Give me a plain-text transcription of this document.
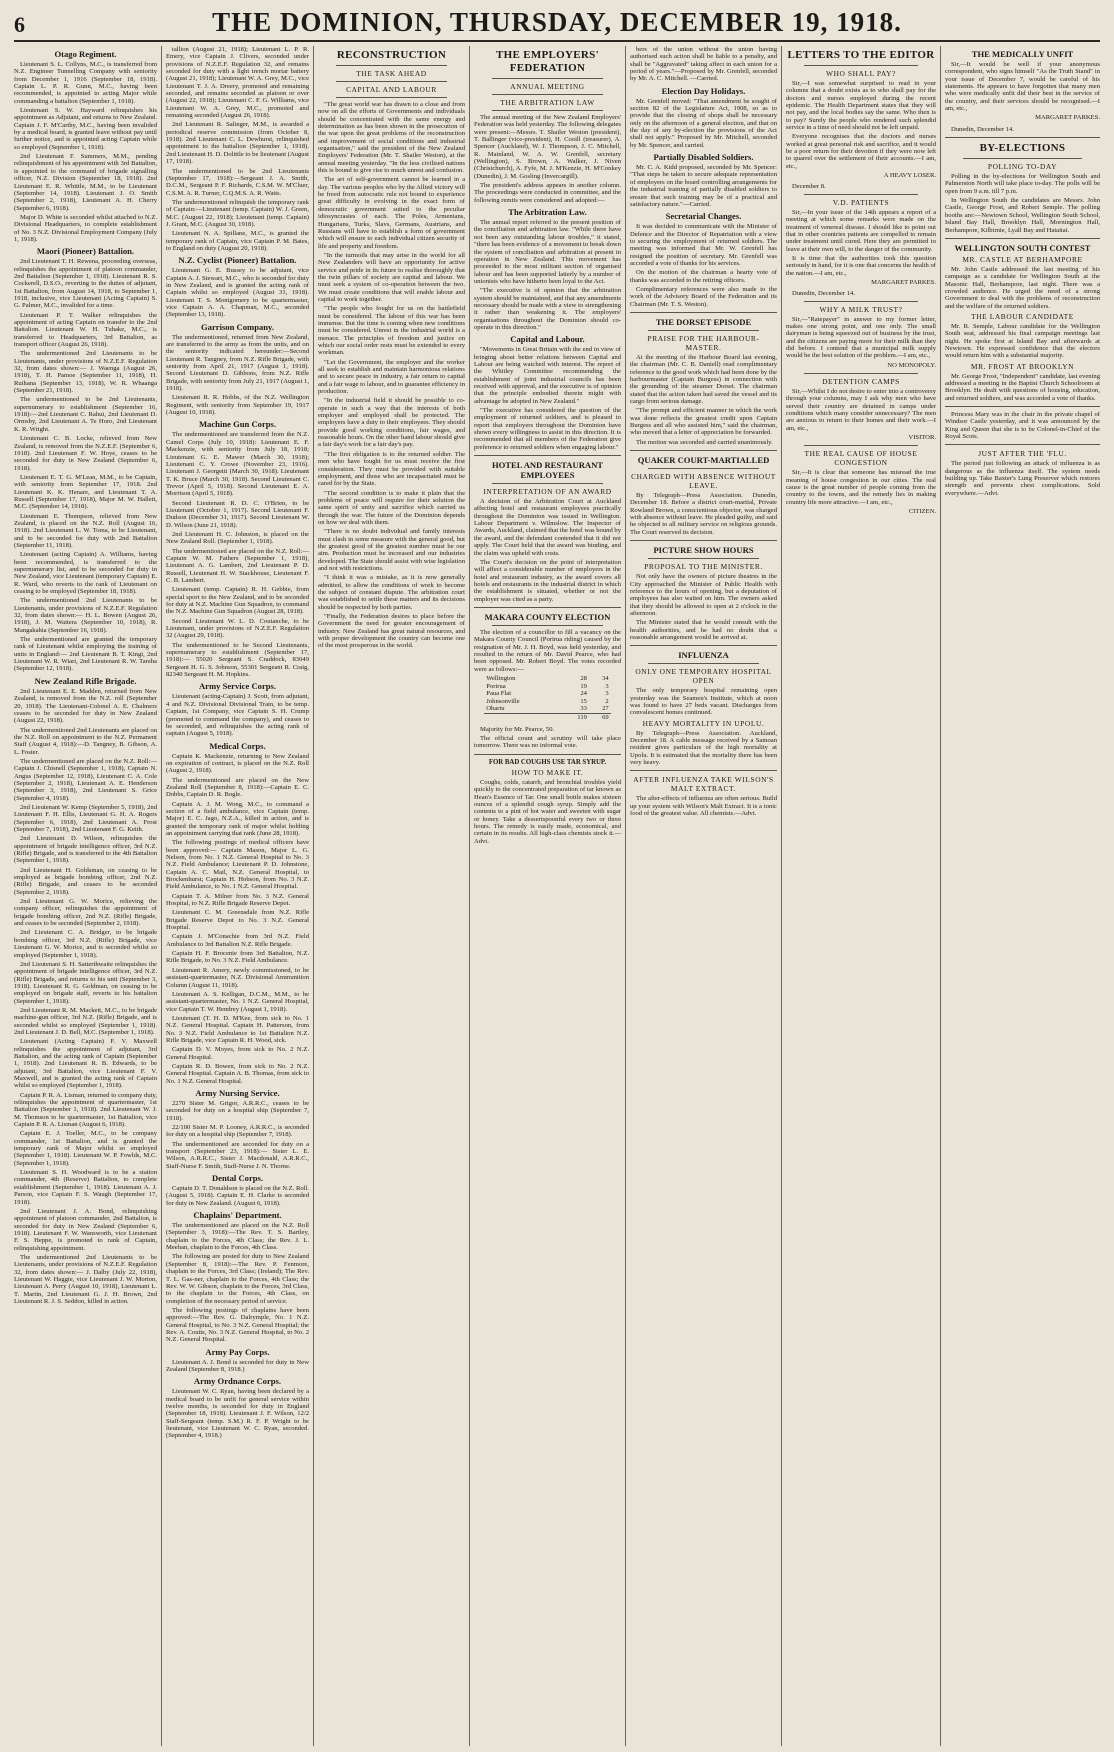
6	THE DOMINION, THURSDAY, DECEMBER 19, 1918.
Otago Regiment.

Lieutenant S. L. Collyns, M.C., is transferred from N.Z. Engineer Tunnelling Company with seniority from December 1, 1916 (September 18, 1918). Captain L. P. R. Gunn, M.C., having been recommended, is appointed to acting Major while commanding a battalion (September 1, 1918).

Lieutenant S. W. Hayward relinquishes his appointment as Adjutant, and returns to New Zealand. Captain J. F. M'Carthy, M.C., having been invalided by a medical board, is granted leave without pay until further notice, and is appointed acting Captain while so employed (September 1, 1918).

2nd Lieutenant F. Summers, M.M., pending relinquishment of his appointment with 3rd Battalion, is appointed to the command of brigade signalling officer, N.Z. Division (September 18, 1918). 2nd Lieutenant E. R. Whittle, M.M., to be Lieutenant (September 14, 1918). Lieutenant J. O. Smith (September 2, 1918), Lieutenant A. H. Cherry (September 6, 1918).

Major D. White is seconded whilst attached to N.Z. Divisional Headquarters, to complete establishment of No. 3 N.Z. Divisional Employment Company (July 1, 1918).

Maori (Pioneer) Battalion.

2nd Lieutenant T. H. Rewena, proceeding overseas, relinquishes the appointment of platoon commander, 2nd Battalion (September 1, 1918). Lieutenant R. S. Cockerell, D.S.O., reverting to the duties of adjutant, 1st Battalion, from August 14, 1918, to September 1, 1918, inclusive, vice Lieutenant (Acting Captain) S. G. Palmer, M.C., invalided for a time.

Lieutenant P. T. Walker relinquishes the appointment of acting Captain on transfer to the 2nd Battalion. Lieutenant W. H. Tuhake, M.C., is transferred to Headquarters, 3rd Battalion, as transport officer (August 26, 1918).

The undermentioned 2nd Lieutenants to be Lieutenants, under provisions of N.Z.E.F. Regulation 32, from dates shown:— J. Waenga (August 26, 1918), T. H. Pamoe (September 11, 1918), H. Ruihana (September 13, 1918), W. R. Whaanga (September 21, 1918).

The undermentioned to be 2nd Lieutenants, supernumerary to establishment (September 16, 1918):—2nd Lieutenant C. Rahui, 2nd Lieutenant D. Ormsby, 2nd Lieutenant A. Te Horo, 2nd Lieutenant K. R. Wright.

Lieutenant C. B. Locke, relieved from New Zealand, is removed from the N.Z.E.F. (September 6, 1918). 2nd Lieutenant F. W. Hoye, ceases to be seconded for duty in New Zealand (September 6, 1918).

Lieutenant E. T. G. M'Lean, M.M., to be Captain, with seniority from September 17, 1918. 2nd Lieutenant K. K. Henare, and Lieutenant T. A. Russell (September 17, 1918), Major M. W. Hallett, M.C. (September 14, 1918).

Lieutenant E. Thompson, relieved from New Zealand, is placed on the N.Z. Roll (August 16, 1918). 2nd Lieutenant L. W. Toma, to be Lieutenant, and to be seconded for duty with 2nd Battalion (September 11, 1918).

Lieutenant (acting Captain) A. Williams, having been recommended, is transferred to the supernumerary list, and to be seconded for duty in New Zealand, vice Lieutenant (temporary Captain) E. R. Ward, who reverts to the rank of Lieutenant on ceasing to be employed (September 18, 1918).

The undermentioned 2nd Lieutenants to be Lieutenants, under provisions of N.Z.E.F. Regulation 32, from dates shown:— H. L. Bowen (August 26, 1918), J. M. Waitera (September 10, 1918), R. Mangakahia (September 16, 1918).

The undermentioned are granted the temporary rank of Lieutenant whilst employing the training of units in England:— 2nd Lieutenant B. T. Kingi, 2nd Lieutenant W. R. Wiari, 2nd Lieutenant R. W. Tareha (September 12, 1918).

New Zealand Rifle Brigade.

2nd Lieutenant E. E. Madden, returned from New Zealand, is removed from the N.Z. roll (September 20, 1918). The Lieutenant-Colonel A. E. Chalmers ceases to be seconded for duty in New Zealand (August 22, 1918).

The undermentioned 2nd Lieutenants are placed on the N.Z. Roll on appointment to the N.Z. Permanent Staff (August 4, 1918):—D. Tangney, B. Gibson, A. L. Foster.

The undermentioned are placed on the N.Z. Roll:—Captain J. Chisnell (September 1, 1918), Captain N. Angus (September 12, 1918), Lieutenant C. A. Cole (September 2, 1918), Lieutenant A. E. Henderson (September 3, 1918), 2nd Lieutenant S. Grice (September 4, 1918).

2nd Lieutenant W. Kemp (September 5, 1918), 2nd Lieutenant F. H. Ellis, Lieutenant G. H. A. Rogers (September 6, 1918), 2nd Lieutenant A. Frost (September 7, 1918), 2nd Lieutenant F. G. Keith.

2nd Lieutenant D. Wilson, relinquishes the appointment of brigade intelligence officer, 3rd N.Z. (Rifle) Brigade, and is transferred to the 4th Battalion (September 1, 1918).

2nd Lieutenant H. Goldsman, on ceasing to be employed as brigade bombing officer, 2nd N.Z. (Rifle) Brigade, and ceases to be seconded (September 2, 1918).

2nd Lieutenant G. W. Morice, relieving the company officer, relinquishes the appointment of brigade bombing officer, 2nd N.Z. (Rifle) Brigade, and ceases to be seconded (September 2, 1918).

2nd Lieutenant C. A. Bridger, to be brigade bombing officer, 3rd N.Z. (Rifle) Brigade, vice Lieutenant G. W. Morice, and is seconded whilst so employed (September 1, 1918).

2nd Lieutenant S. H. Satterthwaite relinquishes the appointment of brigade intelligence officer, 3rd N.Z. (Rifle) Brigade, and returns to his unit (September 3, 1918). Lieutenant R. G. Goldman, on ceasing to be employed on brigade staff, reverts to his battalion (September 1, 1918).

2nd Lieutenant R. M. Mackett, M.C., to be brigade machine-gun officer, 3rd N.Z. (Rifle) Brigade, and is seconded whilst so employed (September 1, 1918). 2nd Lieutenant J. D. Bell, M.C. (September 1, 1918).

Lieutenant (Acting Captain) F. V. Maxwell relinquishes the appointment of adjutant, 3rd Battalion, and the acting rank of Captain (September 1, 1918). 2nd Lieutenant R. B. Edwards, to be adjutant, 3rd Battalion, vice Lieutenant F. V. Maxwell, and is granted the acting rank of Captain whilst so employed (September 1, 1918).

Captain P. R. A. Lisman, returned to company duty, relinquishes the appointment of quartermaster, 1st Battalion (September 1, 1918). 2nd Lieutenant W. J. M. Thomson to be quartermaster, 1st Battalion, vice Captain P. R. A. Lisman (August 6, 1918).

Captain E. J. Toeller, M.C., to be company commander, 1st Battalion, and is granted the temporary rank of Major whilst so employed (September 1, 1918). Lieutenant W. P. Fowlds, M.C. (September 1, 1918).

Lieutenant S. H. Woodward is to be a station commander, 4th (Reserve) Battalion, to complete establishment (September 1, 1918). Lieutenant A. J. Parson, vice Captain F. S. Waugh (September 17, 1918).

2nd Lieutenant J. A. Bond, relinquishing appointment of platoon commander, 2nd Battalion, is seconded for duty in New Zealand (September 6, 1918). Lieutenant F. W. Wansworth, vice Lieutenant F. S. Heppe, is promoted to rank of Captain, relinquishing appointment.

The undermentioned 2nd Lieutenants to be Lieutenants, under provisions of N.Z.E.F. Regulation 32, from dates shown:— J. Dalby (July 22, 1918), Lieutenant W. Haggie, vice Lieutenant J. W. Morton, Lieutenant A. Perry (August 10, 1918), Lieutenant L. T. Martin, 2nd Lieutenant G. J. H. Brown, 2nd Lieutenant R. J. S. Seddon, killed in action.

tallion (August 21, 1918); Lieutenant L. P. R. Emery, vice Captain J. Clivers, seconded under provisions of N.Z.E.F. Regulation 32, and remains seconded for duty with a light trench mortar battery (August 21, 1918); Lieutenant W. A. Grey, M.C., vice Lieutenant T. J. A. Dreery, promoted and remaining seconded, and remains seconded as platoon or over (August 22, 1918); Lieutenant C. F. G. Williams, vice Lieutenant W. A. Grey, M.C., promoted and remaining seconded (August 26, 1918).

2nd Lieutenant R. Salinger, M.M., is awarded a periodical reserve commission (from October 8, 1918). 2nd Lieutenant C. L. Dewhurst, relinquished appointment to the battalion (September 1, 1918). 2nd Lieutenant H. D. Dolittle to be lieutenant (August 17, 1918).

The undermentioned to be 2nd Lieutenants (September 17, 1918):—Sergeant J. A. Smith, D.C.M., Sergeant P. F. Richards, C.S.M. W. M'Cluer, C.S.M. A. R. Turner, C.Q.M.S. A. R. Watts.

The undermentioned relinquish the temporary rank of Captain:—Lieutenant (temp. Captain) W. J. Green, M.C. (August 22, 1918); Lieutenant (temp. Captain) J. Grant, M.C. (August 30, 1918).

Lieutenant N. A. Spillane, M.C., is granted the temporary rank of Captain, vice Captain P. M. Bates, to England on duty (August 20, 1918).

N.Z. Cyclist (Pioneer) Battalion.

Lieutenant G. E. Bussey to be adjutant, vice Captain A. J. Stewart, M.C., who is seconded for duty in New Zealand, and is granted the acting rank of Captain whilst so employed (August 31, 1918). Lieutenant T. S. Montgomery to be quartermaster, vice Captain A. A. Chapman, M.C., seconded (September 13, 1918).

Garrison Company.

The undermentioned, returned from New Zealand, are transferred to the army as from the units, and on the seniority indicated hereunder:—Second Lieutenant R. Tangney, from N.Z. Rifle Brigade, with seniority from April 21, 1917 (August 1, 1918). Second Lieutenant D. Gibbons, from N.Z. Rifle Brigade, with seniority from July 21, 1917 (August 1, 1918).

Lieutenant R. R. Hobbs, of the N.Z. Wellington Regiment, with seniority from September 19, 1917 (August 10, 1918).

Machine Gun Corps.

The undermentioned are transferred from the N.Z. Camel Corps (July 10, 1918): Lieutenant E. F. Mackenzie, with seniority from July 18, 1918; Lieutenant G. E. Mawer (March 30, 1918); Lieutenant C. Y. Crowe (November 23, 1916). Lieutenant J. Georgetti (March 30, 1918). Lieutenant T. K. Bruce (March 30, 1918). Second Lieutenant C. Trevor (April 5, 1918). Second Lieutenant E. A. Morrison (April 5, 1918).

Second Lieutenant R. D. C. O'Brien, to be Lieutenant (October 1, 1917). Second Lieutenant F. Dudson (December 31, 1917). Second Lieutenant W. D. Wilson (June 21, 1918).

2nd Lieutenant H. C. Johnston, is placed on the New Zealand Roll. (September 1, 1918).

The undermentioned are placed on the N.Z. Roll:—Captain W. M. Fathers (September 1, 1918), Lieutenant A. G. Lambert, 2nd Lieutenant P. D. Russell, Lieutenant H. W. Stackhouse, Lieutenant F. C. B. Lambert.

Lieutenant (temp. Captain) R. H. Gebbie, from special sport to the New Zealand, and to be seconded for duty at N.Z. Machine Gun Squadron, to command the N.Z. Machine Gun Squadron (August 28, 1918).

Second Lieutenant W. L. D. Coutanche, to be Lieutenant, under provisions of N.Z.E.F. Regulation 32 (August 29, 1918).

The undermentioned to be Second Lieutenants, supernumerary to establishment (September 17, 1918):— 55020 Sergeant S. Craddock, 83049 Sergeant H. G. S. Johnson, 55301 Sergeant R. Craig, 82340 Sergeant H. M. Hopkins.

Army Service Corps.

Lieutenant (acting-Captain) J. Scott, from adjutant, 4 and N.Z. Divisional Divisional Train, to be temp. Captain, 1st Company, vice Captain S. H. Crump (promoted to command the company), and ceases to be seconded, and relinquishes the acting rank of captain (August 5, 1918).

Medical Corps.

Captain K. Mackenzie, returning to New Zealand on expiration of contract, is placed on the N.Z. Roll (August 2, 1918).

The undermentioned are placed on the New Zealand Roll (September 8, 1918):—Captain E. C. Dobbs, Captain D. R. Bogle.

Captain A. J. M. Wong, M.C., to command a section of a field ambulance, vice Captain (temp. Major) E. C. Jago, N.Z.A., killed in action, and is granted the temporary rank of major whilst holding an appointment carrying that rank (June 28, 1918).

The following postings of medical officers have been approved:— Captain Mason, Major L. G. Nelson, from No. 1 N.Z. General Hospital to No. 3 N.Z. Field Ambulance; Lieutenant P. D. Johnstone, Captain A. C. Mail, N.Z. General Hospital, to Brockenhurst; Captain H. Hobson, from No. 3 N.Z. Field Ambulance, to No. 1 N.Z. General Hospital.

Captain T. A. Milner from No. 3 N.Z. General Hospital, to N.Z. Rifle Brigade Reserve Depot.

Lieutenant C. M. Greensdale from N.Z. Rifle Brigade Reserve Depot to No. 3 N.Z. General Hospital.

Captain J. M'Conachie from 3rd N.Z. Field Ambulance to 3rd Battalion N.Z. Rifle Brigade.

Captain H. F. Brocenie from 3rd Battalion, N.Z. Rifle Brigade, to No. 3 N.Z. Field Ambulance.

Lieutenant R. Amery, newly commissioned, to be assistant-quartermaster, N.Z. Divisional Ammunition Column (August 11, 1918).

Lieutenant A. S. Kelligan, D.C.M., M.M., to be assistant-quartermaster, No. 1 N.Z. General Hospital, vice Captain T. W. Hendrey (August 1, 1918).

Lieutenant (T. H. D. M'Kee, from sick to No. 1 N.Z. General Hospital. Captain H. Patterson, from No. 3 N.Z. Field Ambulance to 1st Battalion N.Z. Rifle Brigade, vice Captain R. H. Wood, sick.

Captain D. V. Moyes, from sick to No. 2 N.Z. General Hospital.

Captain R. D. Bowen, from sick to No. 2 N.Z. General Hospital. Captain A. B. Thomas, from sick to No. 1 N.Z. General Hospital.

Army Nursing Service.

2270 Sister M. Grigor, A.R.R.C., ceases to be seconded for duty on a hospital ship (September 7, 1918).

22/100 Sister M. P. Looney, A.R.R.C., is seconded for duty on a hospital ship (September 7, 1918).

The undermentioned are seconded for duty on a transport (September 23, 1918):— Sister L. E. Wilson, A.R.R.C., Sister J. Macdonald, A.R.R.C., Staff-Nurse F. Smith, Staff-Nurse J. N. Thorne.

Dental Corps.

Captain D. T. Donaldson is placed on the N.Z. Roll. (August 5, 1918). Captain E. H. Clarke is seconded for duty in New Zealand. (August 6, 1918).

Chaplains' Department.

The undermentioned are placed on the N.Z. Roll (September 3, 1918):—The Rev. T. S. Bartley, chaplain to the Forces, 4th Class; the Rev. J. L. Meehan, chaplain to the Forces, 4th Class.

The following are posted for duty to New Zealand (September 8, 1918):—The Rev. P. Fenmore, chaplain to the Forces, 3rd Class; (Ireland); The Rev. T. L. Gas-ner, chaplain to the Forces, 4th Class; the Rev. W. W. Gibson, chaplain to the Forces, 3rd Class, to the chaplain to the Forces, 4th Class, on completion of the necessary period of service.

The following postings of chaplains have been approved:—The Rev. G. Dalrymple, No. 1 N.Z. General Hospital, to No. 3 N.Z. General Hospital; the Rev. A. Coutts, No. 3 N.Z. General Hospital, to No. 2 N.Z. General Hospital.

Army Pay Corps.

Lieutenant A. J. Bond is seconded for duty in New Zealand (September 8, 1918.)

Army Ordnance Corps.

Lieutenant W. C. Ryan, having been declared by a medical board to be unfit for general service within twelve months, is seconded for duty in England (September 18, 1918). Lieutenant J. F. Wilson, 12/2 Staff-Sergeant (temp. S.M.) R. F. P. Wright to be lieutenant, vice Lieutenant W. C. Ryan, seconded. (September 4, 1918.)

RECONSTRUCTION
THE TASK AHEAD
CAPITAL AND LABOUR

"The great world war has drawn to a close and from now on all the efforts of Governments and individuals should be concentrated with the same energy and determination as has been shown in the prosecution of the war upon the great problems of the reconstruction and improvement of social conditions and industrial organisation," said the president of the New Zealand Employers' Federation (Mr. T. Shailer Weston), at the annual meeting yesterday. "In the less civilised nations this is bound to give rise to much unrest and confusion.

The art of self-government cannot be learned in a day. The various peoples who by the Allied victory will be freed from autocratic rule not bound to experience great difficulty in evolving in the exact form of democratic government suited to the peculiar idiosyncrasies of each. The Poles, Armenians, Hungarians, Turks, Slavs, Germans, Austrians, and Russians will have to establish a form of government which will ensure to each individual citizen security of life and property and freedom.

"In the turmoils that may arise in the world for all New Zealanders will have an opportunity for active service and pride in its future to realise thoroughly that the twin pillars of society are capital and labour. We must seek a system of co-operation between the two. We must create conditions that will enable labour and capital to work together.

"The people who fought for us on the battlefield must be considered. The labour of this war has been immense. But the time is coming when new conditions must be considered. Unrest in the industrial world is a menace. The principles of freedom and justice on which our social order rests must be extended to every workman.

"Let the Government, the employer and the worker all seek to establish and maintain harmonious relations and to secure peace in industry, a fair return to capital and a fair wage to labour, and to guarantee efficiency in production.

"In the industrial field it should be possible to co-operate in such a way that the interests of both employer and employed shall be protected. The employers have a duty to their employees. They should provide good working conditions, fair wages, and reasonable hours. On the other hand labour should give a fair day's work for a fair day's pay.

"The first obligation is to the returned soldier. The men who have fought for us must receive the first consideration. They must be provided with suitable employment, and those who are incapacitated must be cared for by the State.

"The second condition is to make it plain that the problems of peace will require for their solution the same spirit of unity and sacrifice which carried us through the war. The future of the Dominion depends on how we deal with them.

"There is no doubt individual and family interests must clash in some measure with the general good, but the greatest good of the greatest number must be our aim. Production must be increased and our industries developed. The State should assist with wise legislation and not with restrictions.

"I think it was a mistake, as it is now generally admitted, to allow the conditions of work to become the subject of constant dispute. The arbitration court was established to settle these matters and its decisions should be respected by both parties.

"Finally, the Federation desires to place before the Government the need for greater encouragement of industry. New Zealand has great natural resources, and with proper development the country can become one of the most prosperous in the world.

THE EMPLOYERS' FEDERATION
ANNUAL MEETING
THE ARBITRATION LAW

The annual meeting of the New Zealand Employers' Federation was held yesterday. The following delegates were present:—Messrs. T. Shailer Weston (president), T. Ballinger (vice-president), H. Cooill (treasurer), A. Spencer (Auckland), W. J. Thompson, J. C. Mitchell, R. Mainland, W. A. W. Grenfell, secretary (Wellington), S. Brown, A. Walker, J. Niven (Christchurch), A. Fyfe, M. J. M'Kenzie, H. M'Conkey (Dunedin), J. M. Gosling (Invercargill).

The president's address appears in another column. The proceedings were conducted in committee, and the following remits were considered and adopted:—

The Arbitration Law.

The annual report referred to the present position of the conciliation and arbitration law. "While there have not been any outstanding labour troubles," it stated, "there has been evidence of a movement to break down the system of conciliation and arbitration at present in operation in New Zealand. This movement has proceeded to the most militant section of organised labour and has been supported latterly by a number of unionists who have hitherto been loyal to the Act.

"The executive is of opinion that the arbitration system should be maintained, and that any amendments necessary should be made with a view to strengthening it rather than weakening it. The employers' organisations throughout the Dominion should co-operate in this direction."

Capital and Labour.

"Movements in Great Britain with the end in view of bringing about better relations between Capital and Labour are being watched with interest. The report of the Whitley Committee recommending the establishment of joint industrial councils has been received with approval, and the executive is of opinion that the principle embodied therein might with advantage be adopted in New Zealand."

"The executive has considered the question of the employment of returned soldiers, and is pleased to report that employers throughout the Dominion have shown every willingness to assist in this direction. It is recommended that all members of the Federation give preference to returned soldiers when engaging labour."

HOTEL AND RESTAURANT EMPLOYEES
INTERPRETATION OF AN AWARD

A decision of the Arbitration Court at Auckland affecting hotel and restaurant employees practically throughout the Dominion was issued in Wellington. Labour Department v. Wilmslow. The Inspector of Awards, Auckland, claimed that the hotel was bound by the award, and the defendant contended that it did not apply. The Court held that the award was binding, and the claim was upheld with costs.

The Court's decision on the point of interpretation will affect a considerable number of employers in the hotel and restaurant industry, as the award covers all hotels and restaurants in the industrial district in which the establishment is situated, whether or not the employer was cited as a party.

MAKARA COUNTY ELECTION

The election of a councillor to fill a vacancy on the Makara County Council (Porirua riding) caused by the resignation of Mr. J. H. Boyd, was held yesterday, and resulted in the return of Mr. David Pearce, who had been opposed. Mr. Robert Boyd. The votes recorded were as follows:—

Wellington	28	34
Porirua	19	3
Paua Flat	24	3
Johnsonville	15	2
Ohariu	33	27
	119	69

Majority for Mr. Pearce, 50.

The official count and scrutiny will take place tomorrow. There was no informal vote.

FOR BAD COUGHS USE TAR SYRUP.
HOW TO MAKE IT.

Coughs, colds, catarrh, and bronchial troubles yield quickly to the concentrated preparation of tar known as Hean's Essence of Tar. One small bottle makes sixteen ounces of a splendid cough syrup. Simply add the contents to a pint of hot water and sweeten with sugar or honey. Take a dessertspoonful every two or three hours. The remedy is easily made, economical, and certain in its results. All high-class chemists stock it.—Advt.

bers of the union without the union having authorised such action shall be liable to a penalty, and shall be "Aggravated" taking affect in each union for a period of years."—Proposed by Mr. Grenfell, seconded by Mr. A. C. Mitchell. —Carried.

Election Day Holidays.

Mr. Grenfell moved: "That amendment be sought of section 82 of the Legislature Act, 1908, so as to provide that the closing of shops shall be necessary only on the afternoon of a general election, and that on the day of any by-election the provisions of the Act shall not apply." Proposed by Mr. Mitchell, seconded by Mr. Spencer, and carried.

Partially Disabled Soldiers.

Mr. C. A. Kidd proposed, seconded by Mr. Spencer: "That steps be taken to secure adequate representation of employers on the board controlling arrangements for the industrial training of partially disabled soldiers to ensure that such training may be of a practical and satisfactory nature."—Carried.

Secretarial Changes.

It was decided to communicate with the Minister of Defence and the Director of Repatriation with a view to securing the employment of returned soldiers. The meeting was informed that Mr. W. Grenfell has resigned the position of secretary. Mr. Grenfell was accorded a vote of thanks for his services.

On the motion of the chairman a hearty vote of thanks was accorded to the retiring officers.

Complimentary references were also made to the work of the Advisory Board of the Federation and its Chairman (Mr. T. S. Weston).

THE DORSET EPISODE
PRAISE FOR THE HARBOUR-MASTER.

At the meeting of the Harbour Board last evening, the chairman (Mr. C. B. Daniell) read complimentary reference to the good work which had been done by the harbourmaster (Captain Burgess) in connection with the grounding of the steamer Dorset. The chairman stated that the action taken had saved the vessel and its cargo from serious damage.

"The prompt and efficient manner in which the work was done reflects the greatest credit upon Captain Burgess and all who assisted him," said the chairman, who moved that a letter of appreciation be forwarded.

The motion was seconded and carried unanimously.

QUAKER COURT-MARTIALLED
CHARGED WITH ABSENCE WITHOUT LEAVE.

By Telegraph—Press Association. Dunedin, December 18. Before a district court-martial, Private Rowland Brown, a conscientious objector, was charged with absence without leave. He pleaded guilty, and said he objected to all military service on religious grounds. The Court reserved its decision.

PICTURE SHOW HOURS
PROPOSAL TO THE MINISTER.

Not only have the owners of picture theatres in the City approached the Minister of Public Health with reference to the hours of opening, but a deputation of employees has also waited on him. The owners asked that they should be allowed to open at 2 o'clock in the afternoon.

The Minister stated that he would consult with the health authorities, and he had no doubt that a reasonable arrangement would be arrived at.

INFLUENZA
ONLY ONE TEMPORARY HOSPITAL OPEN

The only temporary hospital remaining open yesterday was the Seamen's Institute, which at noon was found to have 27 beds vacant. Discharges from convalescent homes continued.

HEAVY MORTALITY IN UPOLU.

By Telegraph—Press Association. Auckland, December 18. A cable message received by a Samoan resident gives particulars of the high mortality at Upolu. It is estimated that the mortality there has been very heavy.

AFTER INFLUENZA TAKE WILSON'S MALT EXTRACT.

The after-effects of influenza are often serious. Build up your system with Wilson's Malt Extract. It is a tonic food of the greatest value. All chemists.—Advt.

LETTERS TO THE EDITOR
WHO SHALL PAY?

Sir,—I was somewhat surprised to read in your columns that a doubt exists as to who shall pay for the doctors and nurses employed during the recent epidemic. The Health Department states that they will not pay, and the local bodies say the same. Who then is to pay? Surely the people who rendered such splendid service in a time of need should not be left unpaid.

Everyone recognises that the doctors and nurses worked at great personal risk and sacrifice, and it would be a poor return for their devotion if they were now left to quarrel over the settlement of their accounts.—I am, etc.,

A HEAVY LOSER.

December 8.

V.D. PATIENTS

Sir,—In your issue of the 14th appears a report of a meeting at which some remarks were made on the treatment of venereal disease. I should like to point out that in other countries patients are compelled to remain under treatment until cured. Here they are permitted to leave at their own will, to the danger of the community.

It is time that the authorities took this question seriously in hand, for it is one that concerns the health of the nation.—I am, etc.,

MARGARET PARKES.

Dunedin, December 14.

WHY A MILK TRUST?

Sir,—"Ratepayer" in answer to my former letter, makes one strong point, and one only. The small dairyman is being squeezed out of business by the trust, and the citizens are paying more for their milk than they did before. I contend that a municipal milk supply would be the best solution of the problem.—I am, etc.,

NO MONOPOLY.

DETENTION CAMPS

Sir,—Whilst I do not desire to enter into a controversy through your columns, may I ask why men who have served their country are detained in camps under conditions which many consider unnecessary? The men are anxious to return to their homes and their work.—I am, etc.,

VISITOR.

THE REAL CAUSE OF HOUSE CONGESTION

Sir,—It is clear that someone has misread the true meaning of house congestion in our cities. The real cause is the great number of people coming from the country to the towns, and the remedy lies in making country life more attractive.—I am, etc.,

CITIZEN.

THE MEDICALLY UNFIT

Sir,—It would be well if your anonymous correspondent, who signs himself "As the Truth Stand" in your issue of December 7, would be careful of his statements. He appears to have forgotten that many men who were medically unfit did their best in the service of the country, and their services should be recognised.—I am, etc.,

MARGARET PARKES.

Dunedin, December 14.

BY-ELECTIONS
POLLING TO-DAY

Polling in the by-elections for Wellington South and Palmerston North will take place to-day. The polls will be open from 9 a.m. till 7 p.m.

In Wellington South the candidates are Messrs. John Castle, George Frost, and Robert Semple. The polling booths are:—Newtown School, Wellington South School, Island Bay Hall, Brooklyn Hall, Mornington Hall, Berhampore, Kilbirnie, Lyall Bay and Hataitai.

WELLINGTON SOUTH CONTEST
MR. CASTLE AT BERHAMPORE

Mr. John Castle addressed the last meeting of his campaign as a candidate for Wellington South at the Masonic Hall, Berhampore, last night. There was a crowded audience. He urged the need of a strong Government to deal with the problems of reconstruction and the welfare of the returned soldiers.

THE LABOUR CANDIDATE

Mr. R. Semple, Labour candidate for the Wellington South seat, addressed his final campaign meetings last night. He spoke first at Island Bay and afterwards at Newtown. He expressed confidence that the electors would return him with a substantial majority.

MR. FROST AT BROOKLYN

Mr. George Frost, "Independent" candidate, last evening addressed a meeting in the Baptist Church Schoolroom at Brooklyn. He dealt with questions of housing, education, and returned soldiers, and was accorded a vote of thanks.

Princess Mary was in the chair in the private chapel of Windsor Castle yesterday, and it was announced by the King and Queen that she is to be Colonel-in-Chief of the Royal Scots.

JUST AFTER THE 'FLU.

The period just following an attack of influenza is as dangerous as the influenza itself. The system needs building up. Take Baxter's Lung Preserver which restores strength and prevents chest complications. Sold everywhere.—Advt.
